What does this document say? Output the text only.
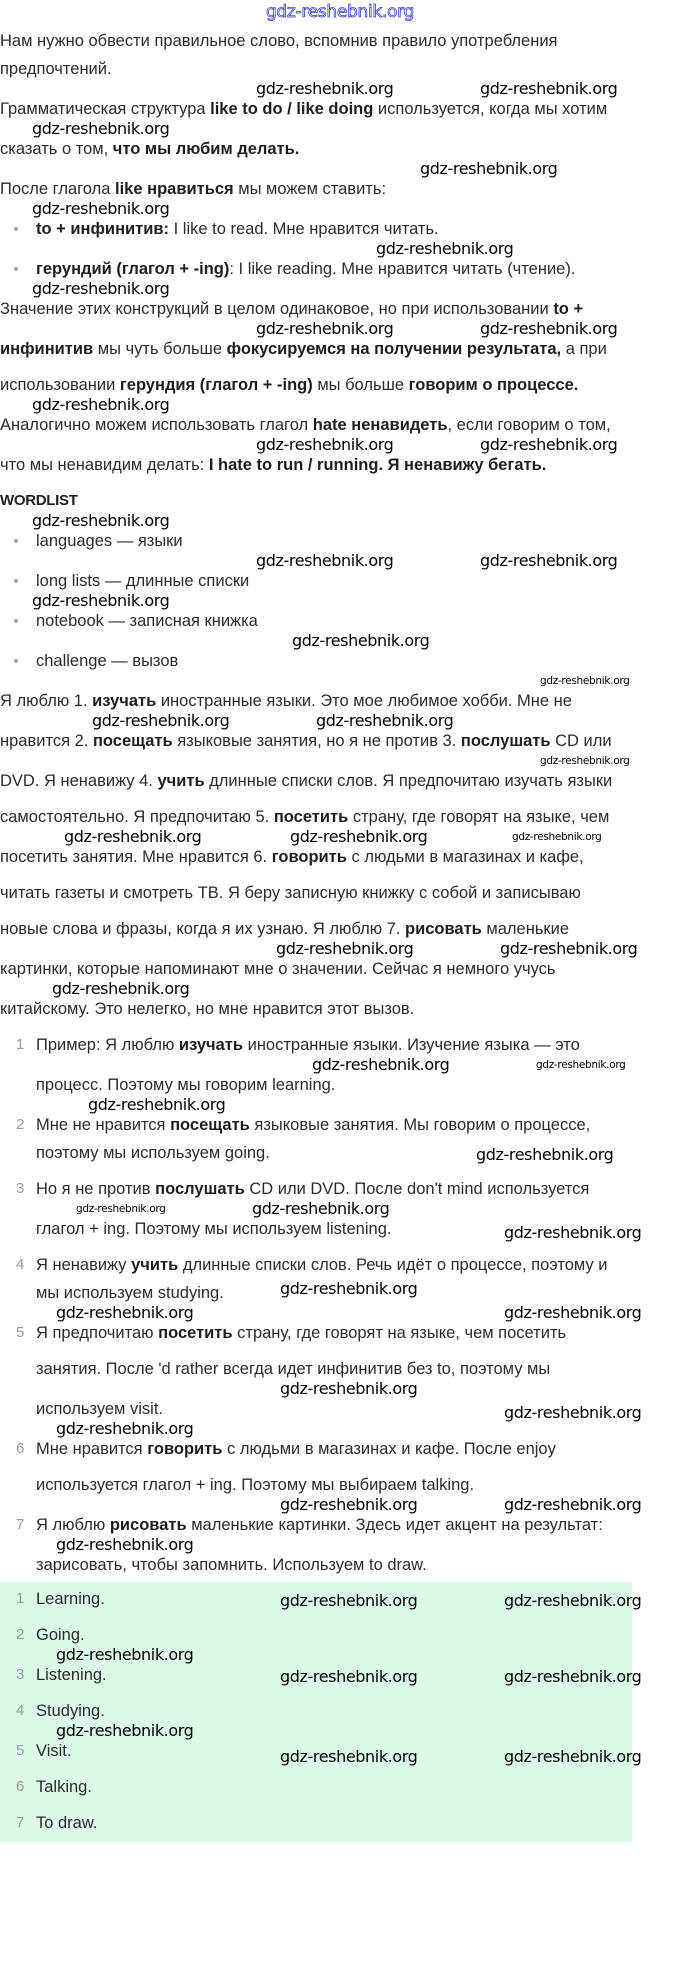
gdz-reshebnik.org
Нам нужно обвести правильное слово, вспомнив правило употребления
предпочтений.
gdz-reshebnik.org	gdz-reshebnik.org
Грамматическая структура like to do / like doing используется, когда мы хотим
gdz-reshebnik.org
сказать о том, что мы любим делать.
gdz-reshebnik.org
После глагола like нравиться мы можем ставить:
gdz-reshebnik.org
to + инфинитив: I like to read. Мне нравится читать.
gdz-reshebnik.org
герундий (глагол + -ing): I like reading. Мне нравится читать (чтение).
gdz-reshebnik.org
Значение этих конструкций в целом одинаковое, но при использовании to +
gdz-reshebnik.org	gdz-reshebnik.org
инфинитив мы чуть больше фокусируемся на получении результата, а при
использовании герундия (глагол + -ing) мы больше говорим о процессе.
gdz-reshebnik.org
Аналогично можем использовать глагол hate ненавидеть, если говорим о том,
gdz-reshebnik.org	gdz-reshebnik.org
что мы ненавидим делать: I hate to run / running. Я ненавижу бегать.
WORDLIST
gdz-reshebnik.org
languages — языки
gdz-reshebnik.org	gdz-reshebnik.org
long lists — длинные списки
gdz-reshebnik.org
notebook — записная книжка
gdz-reshebnik.org
challenge — вызов
gdz-reshebnik.org
Я люблю 1. изучать иностранные языки. Это мое любимое хобби. Мне не
gdz-reshebnik.org	gdz-reshebnik.org
нравится 2. посещать языковые занятия, но я не против 3. послушать CD или
gdz-reshebnik.org
DVD. Я ненавижу 4. учить длинные списки слов. Я предпочитаю изучать языки
самостоятельно. Я предпочитаю 5. посетить страну, где говорят на языке, чем
gdz-reshebnik.org	gdz-reshebnik.org	gdz-reshebnik.org
посетить занятия. Мне нравится 6. говорить с людьми в магазинах и кафе,
читать газеты и смотреть ТВ. Я беру записную книжку с собой и записываю
новые слова и фразы, когда я их узнаю. Я люблю 7. рисовать маленькие
gdz-reshebnik.org	gdz-reshebnik.org
картинки, которые напоминают мне о значении. Сейчас я немного учусь
gdz-reshebnik.org
китайскому. Это нелегко, но мне нравится этот вызов.
1 Пример: Я люблю изучать иностранные языки. Изучение языка — это
gdz-reshebnik.org	gdz-reshebnik.org
процесс. Поэтому мы говорим learning.
gdz-reshebnik.org
2 Мне не нравится посещать языковые занятия. Мы говорим о процессе,
поэтому мы используем going.	gdz-reshebnik.org
3 Но я не против послушать CD или DVD. После don't mind используется
gdz-reshebnik.org	gdz-reshebnik.org
глагол + ing. Поэтому мы используем listening.	gdz-reshebnik.org
4 Я ненавижу учить длинные списки слов. Речь идёт о процессе, поэтому и
мы используем studying.	gdz-reshebnik.org
gdz-reshebnik.org	gdz-reshebnik.org
5 Я предпочитаю посетить страну, где говорят на языке, чем посетить
занятия. После 'd rather всегда идет инфинитив без to, поэтому мы
gdz-reshebnik.org
используем visit.	gdz-reshebnik.org
gdz-reshebnik.org
6 Мне нравится говорить с людьми в магазинах и кафе. После enjoy
используется глагол + ing. Поэтому мы выбираем talking.
gdz-reshebnik.org	gdz-reshebnik.org
7 Я люблю рисовать маленькие картинки. Здесь идет акцент на результат:
gdz-reshebnik.org
зарисовать, чтобы запомнить. Используем to draw.
1 Learning.	gdz-reshebnik.org	gdz-reshebnik.org
2 Going.
gdz-reshebnik.org
3 Listening.	gdz-reshebnik.org	gdz-reshebnik.org
4 Studying.
gdz-reshebnik.org
5 Visit.	gdz-reshebnik.org	gdz-reshebnik.org
6 Talking.
7 To draw.
